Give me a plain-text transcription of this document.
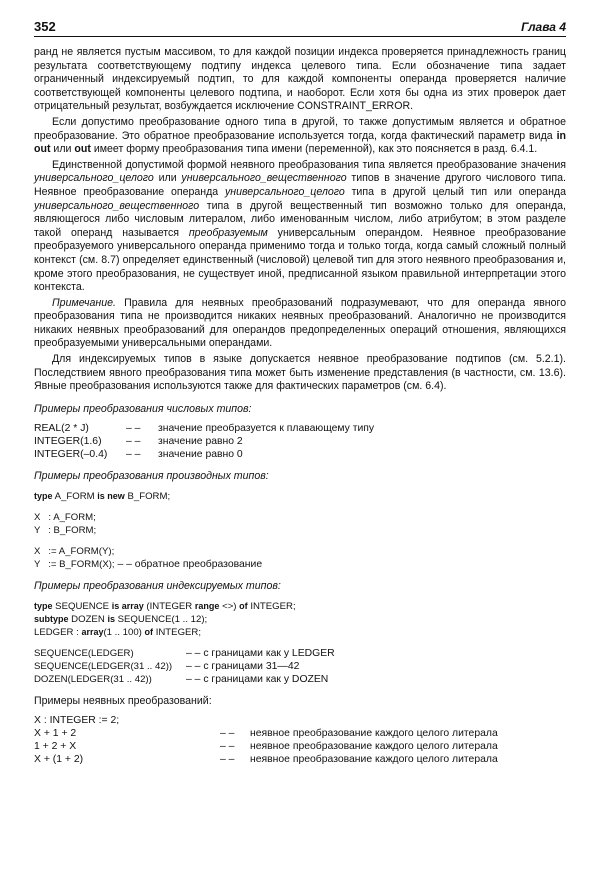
352	Глава 4

ранд не является пустым массивом, то для каждой позиции индекса проверяется принадлежность границ результата соответствующему подтипу индекса целевого типа. Если обозначение типа задает ограниченный индексируемый подтип, то для каждой компоненты операнда проверяется наличие соответствующей компоненты целевого подтипа, и наоборот. Если хотя бы одна из этих проверок дает отрицательный результат, возбуждается исключение CONSTRAINT_ERROR.

Если допустимо преобразование одного типа в другой, то также допустимым является и обратное преобразование. Это обратное преобразование используется тогда, когда фактический параметр вида in out или out имеет форму преобразования типа имени (переменной), как это поясняется в разд. 6.4.1.

Единственной допустимой формой неявного преобразования типа является преобразование значения универсального_целого или универсального_вещественного типов в значение другого числового типа. Неявное преобразование операнда универсального_целого типа в другой целый тип или операнда универсального_вещественного типа в другой вещественный тип возможно только для операнда, являющегося либо числовым литералом, либо именованным числом, либо атрибутом; в этом разделе такой операнд называется преобразуемым универсальным операндом. Неявное преобразование преобразуемого универсального операнда применимо тогда и только тогда, когда самый сложный полный контекст (см. 8.7) определяет единственный (числовой) целевой тип для этого неявного преобразования и, кроме этого преобразования, не существует иной, предписанной языком правильной интерпретации этого контекста.

Примечание. Правила для неявных преобразований подразумевают, что для операнда явного преобразования типа не производится никаких неявных преобразований. Аналогично не производится никаких неявных преобразований для операндов предопределенных операций отношения, являющихся преобразуемыми универсальными операндами.

Для индексируемых типов в языке допускается неявное преобразование подтипов (см. 5.2.1). Последствием явного преобразования типа может быть изменение представления (в частности, см. 13.6). Явные преобразования используются также для фактических параметров (см. 6.4).

Примеры преобразования числовых типов:
REAL(2 * J)	– –	значение преобразуется к плавающему типу
INTEGER(1.6)	– –	значение равно 2
INTEGER(–0.4)	– –	значение равно 0
Примеры преобразования производных типов:
type A_FORM is new B_FORM;
X   : A_FORM;
Y   : B_FORM;
X   := A_FORM(Y);
Y   := B_FORM(X); – – обратное преобразование
Примеры преобразования индексируемых типов:
type SEQUENCE is array (INTEGER range <>) of INTEGER;
subtype DOZEN is SEQUENCE(1 .. 12);
LEDGER : array (1 .. 100) of INTEGER;
SEQUENCE(LEDGER)	– – с границами как у LEDGER
SEQUENCE(LEDGER(31 .. 42))	– – с границами 31—42
DOZEN(LEDGER(31 .. 42))	– – с границами как у DOZEN
Примеры неявных преобразований:
X : INTEGER := 2;
X + 1 + 2	– –	неявное преобразование каждого целого литерала
1 + 2 + X	– –	неявное преобразование каждого целого литерала
X + (1 + 2)	– –	неявное преобразование каждого целого литерала
